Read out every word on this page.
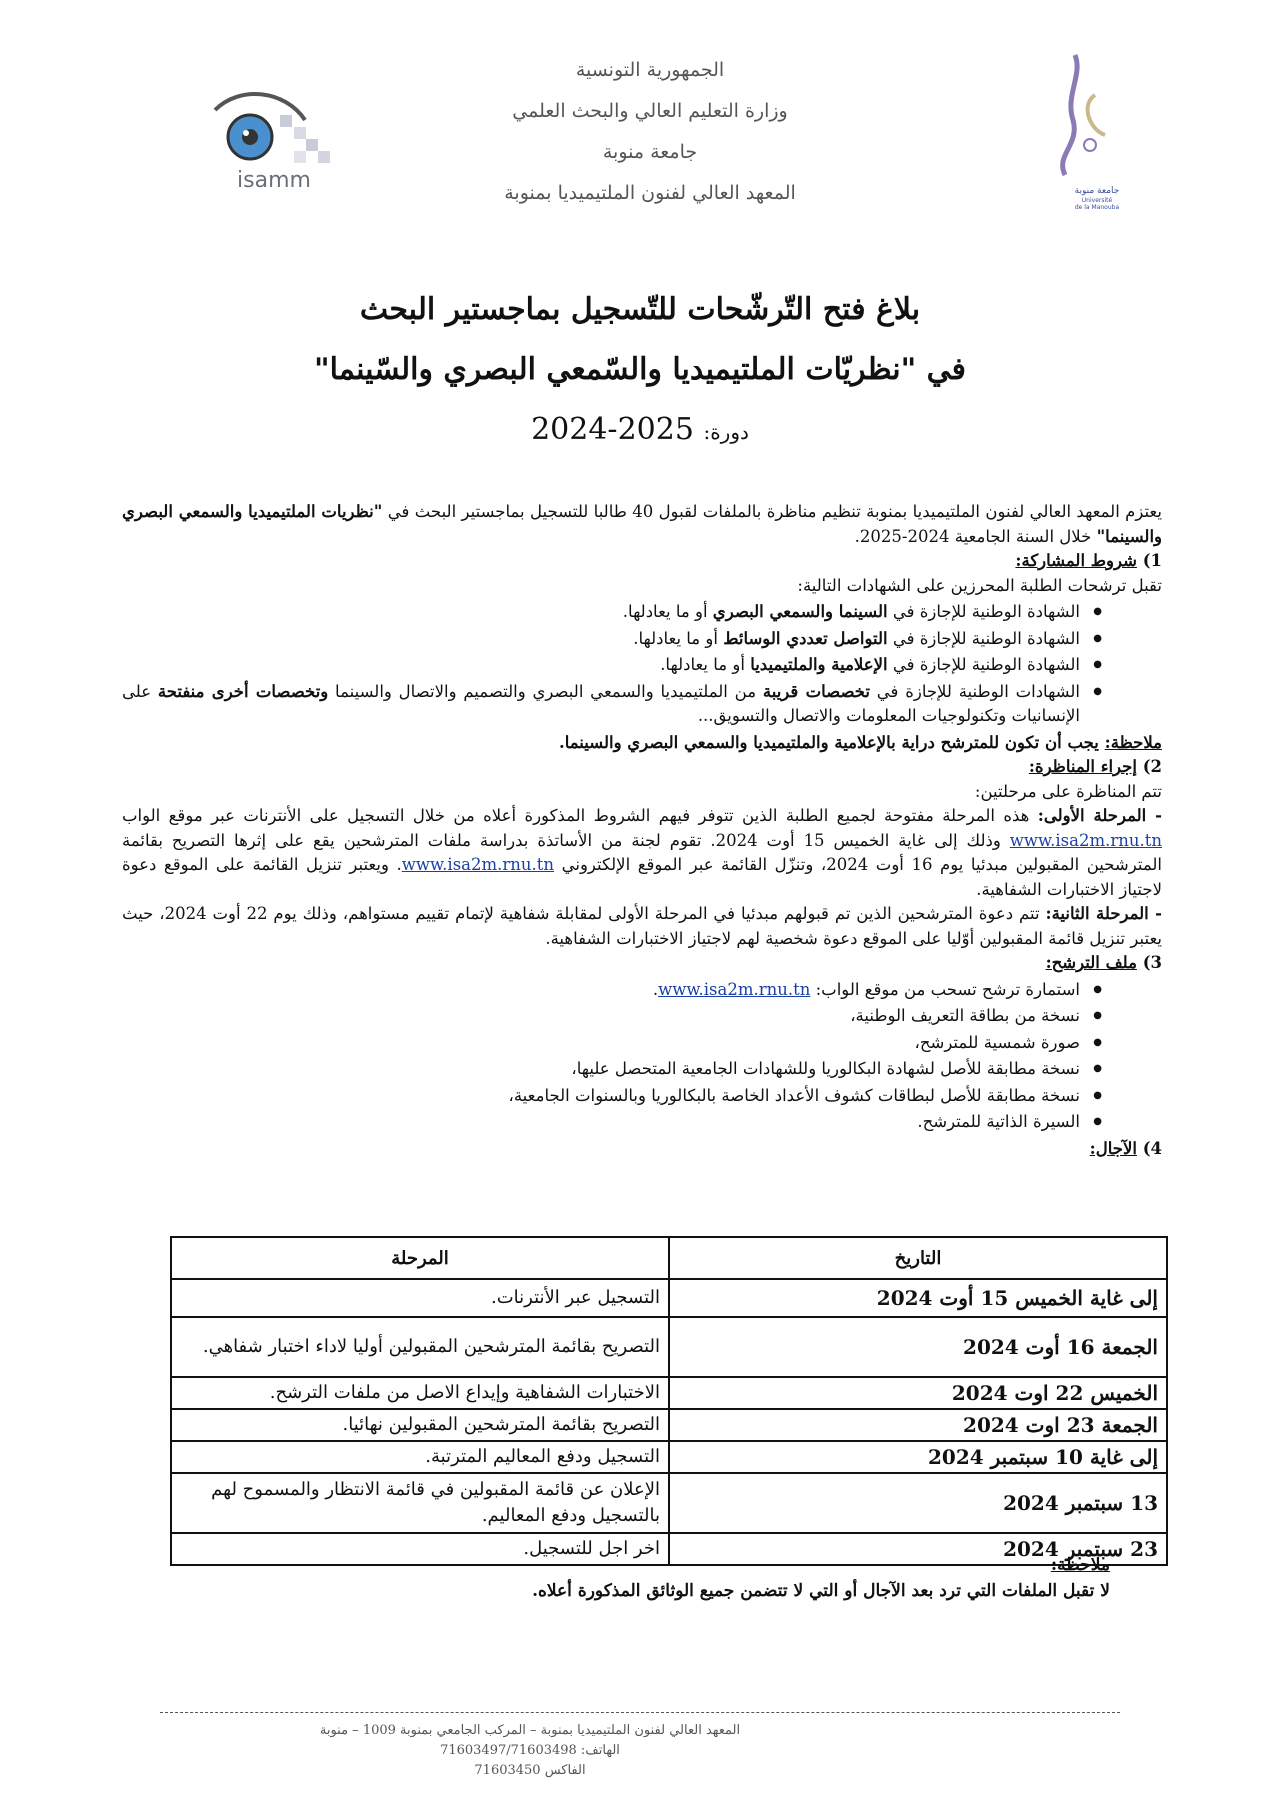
جامعة منوبة
Université
de la Manouba
الجمهورية التونسية
وزارة التعليم العالي والبحث العلمي
جامعة منوبة
المعهد العالي لفنون الملتيميديا بمنوبة
isamm
بلاغ فتح التّرشّحات للتّسجيل بماجستير البحث
في "نظريّات الملتيميديا والسّمعي البصري والسّينما"
دورة: 2024-2025

يعتزم المعهد العالي لفنون الملتيميديا بمنوبة تنظيم مناظرة بالملفات لقبول 40 طالبا للتسجيل بماجستير البحث في "نظريات الملتيميديا والسمعي البصري والسينما" خلال السنة الجامعية 2024-2025.

1) شروط المشاركة:

تقبل ترشحات الطلبة المحرزين على الشهادات التالية:

● الشهادة الوطنية للإجازة في السينما والسمعي البصري أو ما يعادلها.
● الشهادة الوطنية للإجازة في التواصل تعددي الوسائط أو ما يعادلها.
● الشهادة الوطنية للإجازة في الإعلامية والملتيميديا أو ما يعادلها.
● الشهادات الوطنية للإجازة في تخصصات قريبة من الملتيميديا والسمعي البصري والتصميم والاتصال والسينما وتخصصات أخرى منفتحة على الإنسانيات وتكنولوجيات المعلومات والاتصال والتسويق...

ملاحظة: يجب أن تكون للمترشح دراية بالإعلامية والملتيميديا والسمعي البصري والسينما.

2) إجراء المناظرة:

تتم المناظرة على مرحلتين:

- المرحلة الأولى: هذه المرحلة مفتوحة لجميع الطلبة الذين تتوفر فيهم الشروط المذكورة أعلاه من خلال التسجيل على الأنترنات عبر موقع الواب www.isa2m.rnu.tn وذلك إلى غاية الخميس 15 أوت 2024. تقوم لجنة من الأساتذة بدراسة ملفات المترشحين يقع على إثرها التصريح بقائمة المترشحين المقبولين مبدئيا يوم 16 أوت 2024، وتنزّل القائمة عبر الموقع الإلكتروني www.isa2m.rnu.tn. ويعتبر تنزيل القائمة على الموقع دعوة لاجتياز الاختبارات الشفاهية.

- المرحلة الثانية: تتم دعوة المترشحين الذين تم قبولهم مبدئيا في المرحلة الأولى لمقابلة شفاهية لإتمام تقييم مستواهم، وذلك يوم 22 أوت 2024، حيث يعتبر تنزيل قائمة المقبولين أوّليا على الموقع دعوة شخصية لهم لاجتياز الاختبارات الشفاهية.

3) ملف الترشح:

● استمارة ترشح تسحب من موقع الواب: www.isa2m.rnu.tn.
● نسخة من بطاقة التعريف الوطنية،
● صورة شمسية للمترشح،
● نسخة مطابقة للأصل لشهادة البكالوريا وللشهادات الجامعية المتحصل عليها،
● نسخة مطابقة للأصل لبطاقات كشوف الأعداد الخاصة بالبكالوريا وبالسنوات الجامعية،
● السيرة الذاتية للمترشح.

4) الآجال:

التاريخ	المرحلة
إلى غاية الخميس 15 أوت 2024	التسجيل عبر الأنترنات.
الجمعة 16 أوت 2024	التصريح بقائمة المترشحين المقبولين أوليا لاداء اختبار شفاهي.
الخميس 22 اوت 2024	الاختبارات الشفاهية وإيداع الاصل من ملفات الترشح.
الجمعة 23 اوت 2024	التصريح بقائمة المترشحين المقبولين نهائيا.
إلى غاية 10 سبتمبر 2024	التسجيل ودفع المعاليم المترتبة.
13 سبتمبر 2024	الإعلان عن قائمة المقبولين في قائمة الانتظار والمسموح لهم بالتسجيل ودفع المعاليم.
23 سبتمبر 2024	اخر اجل للتسجيل.
ملاحظة:
لا تقبل الملفات التي ترد بعد الآجال أو التي لا تتضمن جميع الوثائق المذكورة أعلاه.
المعهد العالي لفنون الملتيميديا بمنوبة – المركب الجامعي بمنوبة 1009 – منوبة
الهاتف: 71603497/71603498
الفاكس 71603450
